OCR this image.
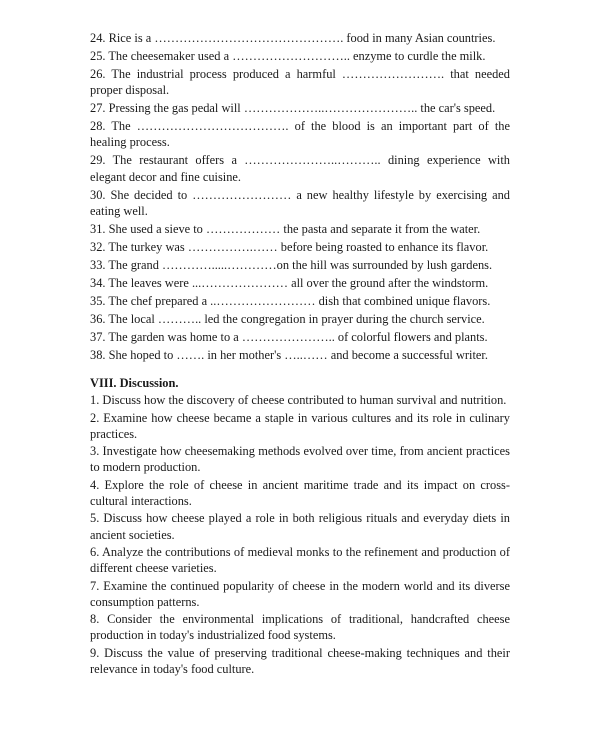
24. Rice is a ………………………………………. food in many Asian countries.
25. The cheesemaker used a ……………………….. enzyme to curdle the milk.
26. The industrial process produced a harmful ……………………. that needed proper disposal.
27. Pressing the gas pedal will ………………..………………….. the car's speed.
28. The ………………………………. of the blood is an important part of the healing process.
29. The restaurant offers a …………………..……….. dining experience with elegant decor and fine cuisine.
30. She decided to …………………… a new healthy lifestyle by exercising and eating well.
31. She used a sieve to ……………… the pasta and separate it from the water.
32. The turkey was …………….…… before being roasted to enhance its flavor.
33. The grand ………….....…………on the hill was surrounded by lush gardens.
34. The leaves were ...………………… all over the ground after the windstorm.
35. The chef prepared a ..…………………… dish that combined unique flavors.
36. The local ……….. led the congregation in prayer during the church service.
37. The garden was home to a ………………….. of colorful flowers and plants.
38. She hoped to ……. in her mother's …..…… and become a successful writer.
VIII. Discussion.
1. Discuss how the discovery of cheese contributed to human survival and nutrition.
2. Examine how cheese became a staple in various cultures and its role in culinary practices.
3. Investigate how cheesemaking methods evolved over time, from ancient practices to modern production.
4. Explore the role of cheese in ancient maritime trade and its impact on cross-cultural interactions.
5. Discuss how cheese played a role in both religious rituals and everyday diets in ancient societies.
6. Analyze the contributions of medieval monks to the refinement and production of different cheese varieties.
7. Examine the continued popularity of cheese in the modern world and its diverse consumption patterns.
8. Consider the environmental implications of traditional, handcrafted cheese production in today's industrialized food systems.
9. Discuss the value of preserving traditional cheese-making techniques and their relevance in today's food culture.
